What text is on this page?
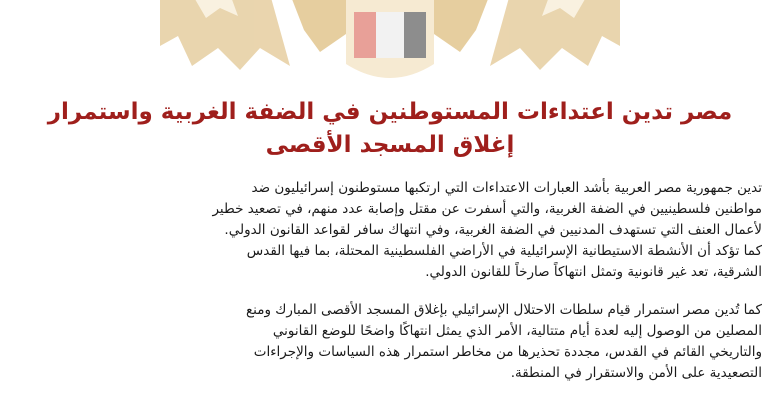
مصر تدين اعتداءات المستوطنين في الضفة الغربية واستمرار
إغلاق المسجد الأقصى
تدين جمهورية مصر العربية بأشد العبارات الاعتداءات التي ارتكبها مستوطنون إسرائيليون ضد
مواطنين فلسطينيين في الضفة الغربية، والتي أسفرت عن مقتل وإصابة عدد منهم، في تصعيد خطير
لأعمال العنف التي تستهدف المدنيين في الضفة الغربية، وفي انتهاك سافر لقواعد القانون الدولي.
كما تؤكد أن الأنشطة الاستيطانية الإسرائيلية في الأراضي الفلسطينية المحتلة، بما فيها القدس
الشرقية، تعد غير قانونية وتمثل انتهاكاً صارخاً للقانون الدولي.
كما تُدين مصر استمرار قيام سلطات الاحتلال الإسرائيلي بإغلاق المسجد الأقصى المبارك ومنع
المصلين من الوصول إليه لعدة أيام متتالية، الأمر الذي يمثل انتهاكًا واضحًا للوضع القانوني
والتاريخي القائم في القدس، مجددة تحذيرها من مخاطر استمرار هذه السياسات والإجراءات
التصعيدية على الأمن والاستقرار في المنطقة.
